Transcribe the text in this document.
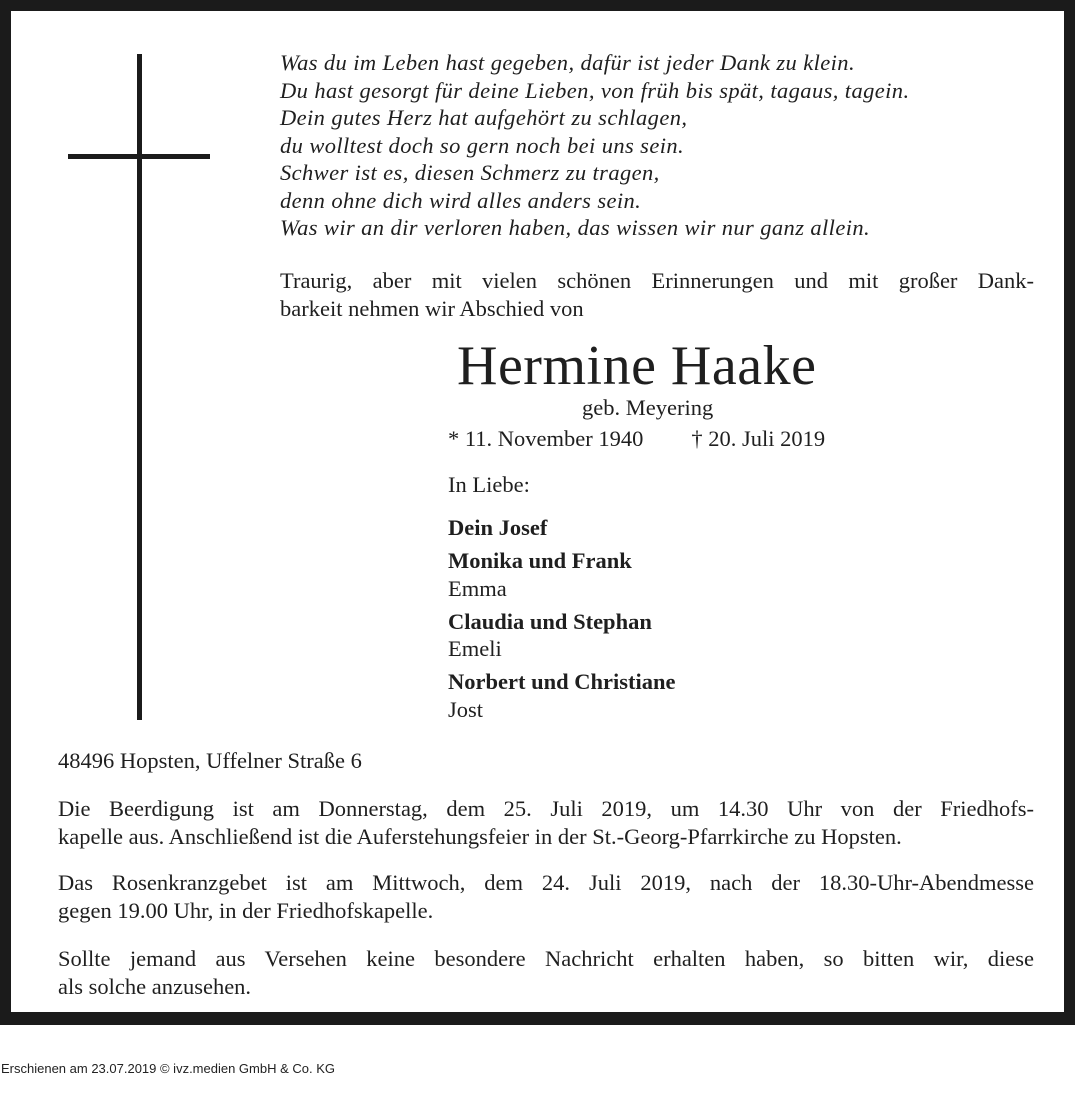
Was du im Leben hast gegeben, dafür ist jeder Dank zu klein.
Du hast gesorgt für deine Lieben, von früh bis spät, tagaus, tagein.
Dein gutes Herz hat aufgehört zu schlagen,
du wolltest doch so gern noch bei uns sein.
Schwer ist es, diesen Schmerz zu tragen,
denn ohne dich wird alles anders sein.
Was wir an dir verloren haben, das wissen wir nur ganz allein.

Traurig, aber mit vielen schönen Erinnerungen und mit großer Dank-
barkeit nehmen wir Abschied von

Hermine Haake

geb. Meyering

* 11. November 1940 † 20. Juli 2019

In Liebe:

Dein Josef
Monika und Frank
Emma
Claudia und Stephan
Emeli
Norbert und Christiane
Jost

48496 Hopsten, Uffelner Straße 6

Die Beerdigung ist am Donnerstag, dem 25. Juli 2019, um 14.30 Uhr von der Friedhofs-
kapelle aus. Anschließend ist die Auferstehungsfeier in der St.-Georg-Pfarrkirche zu Hopsten.

Das Rosenkranzgebet ist am Mittwoch, dem 24. Juli 2019, nach der 18.30-Uhr-Abendmesse
gegen 19.00 Uhr, in der Friedhofskapelle.

Sollte jemand aus Versehen keine besondere Nachricht erhalten haben, so bitten wir, diese
als solche anzusehen.

Erschienen am 23.07.2019 © ivz.medien GmbH & Co. KG
